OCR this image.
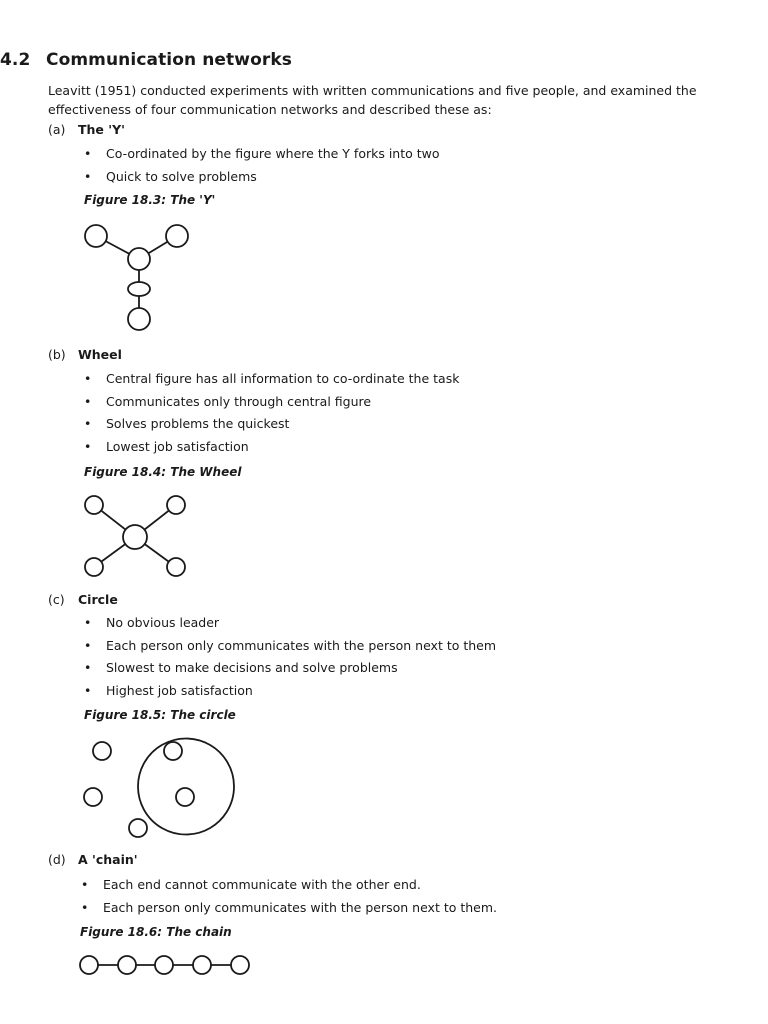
4.2 Communication networks

Leavitt (1951) conducted experiments with written communications and five people, and examined the effectiveness of four communication networks and described these as:

(a) The 'Y'

• Co-ordinated by the figure where the Y forks into two
• Quick to solve problems

Figure 18.3: The 'Y'

(b) Wheel

• Central figure has all information to co-ordinate the task
• Communicates only through central figure
• Solves problems the quickest
• Lowest job satisfaction

Figure 18.4: The Wheel

(c) Circle

• No obvious leader
• Each person only communicates with the person next to them
• Slowest to make decisions and solve problems
• Highest job satisfaction

Figure 18.5: The circle

(d) A 'chain'

• Each end cannot communicate with the other end.
• Each person only communicates with the person next to them.

Figure 18.6: The chain
